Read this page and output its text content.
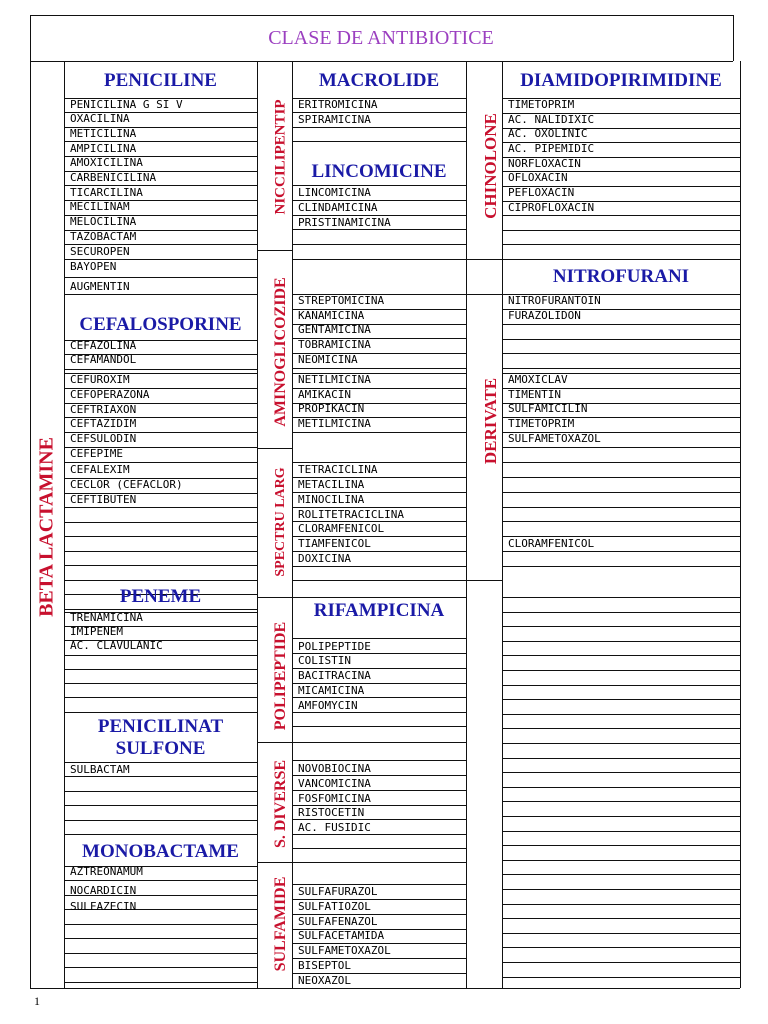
CLASE DE ANTIBIOTICE
1
PENICILINE
PENICILINA G SI V
OXACILINA
METICILINA
AMPICILINA
AMOXICILINA
CARBENICILINA
TICARCILINA
MECILINAM
MELOCILINA
TAZOBACTAM
SECUROPEN
BAYOPEN
AUGMENTIN
CEFALOSPORINE
CEFAZOLINA
CEFAMANDOL
CEFUROXIM
CEFOPERAZONA
CEFTRIAXON
CEFTAZIDIM
CEFSULODIN
CEFEPIME
CEFALEXIM
CECLOR (CEFACLOR)
CEFTIBUTEN
PENEME
TRENAMICINA
IMIPENEM
AC. CLAVULANIC
PENICILINAT
SULFONE
SULBACTAM
MONOBACTAME
AZTREONAMUM
NOCARDICIN
SULFAZECIN
BETA LACTAMINE
MACROLIDE
ERITROMICINA
SPIRAMICINA
LINCOMICINE
LINCOMICINA
CLINDAMICINA
PRISTINAMICINA
STREPTOMICINA
KANAMICINA
GENTAMICINA
TOBRAMICINA
NEOMICINA
NETILMICINA
AMIKACIN
PROPIKACIN
METILMICINA
TETRACICLINA
METACILINA
MINOCILINA
ROLITETRACICLINA
CLORAMFENICOL
TIAMFENICOL
DOXICINA
RIFAMPICINA
POLIPEPTIDE
COLISTIN
BACITRACINA
MICAMICINA
AMFOMYCIN
NOVOBIOCINA
VANCOMICINA
FOSFOMICINA
RISTOCETIN
AC. FUSIDIC
SULFAFURAZOL
SULFATIOZOL
SULFAFENAZOL
SULFACETAMIDA
SULFAMETOXAZOL
BISEPTOL
NEOXAZOL
NICCILIPENTIP
AMINOGLICOZIDE
SPECTRU LARG
POLIPEPTIDE
S. DIVERSE
SULFAMIDE
DIAMIDOPIRIMIDINE
TIMETOPRIM
AC. NALIDIXIC
AC. OXOLINIC
AC. PIPEMIDIC
NORFLOXACIN
OFLOXACIN
PEFLOXACIN
CIPROFLOXACIN
NITROFURANI
NITROFURANTOIN
FURAZOLIDON
AMOXICLAV
TIMENTIN
SULFAMICILIN
TIMETOPRIM
SULFAMETOXAZOL
CLORAMFENICOL
CHINOLONE
DERIVATE
